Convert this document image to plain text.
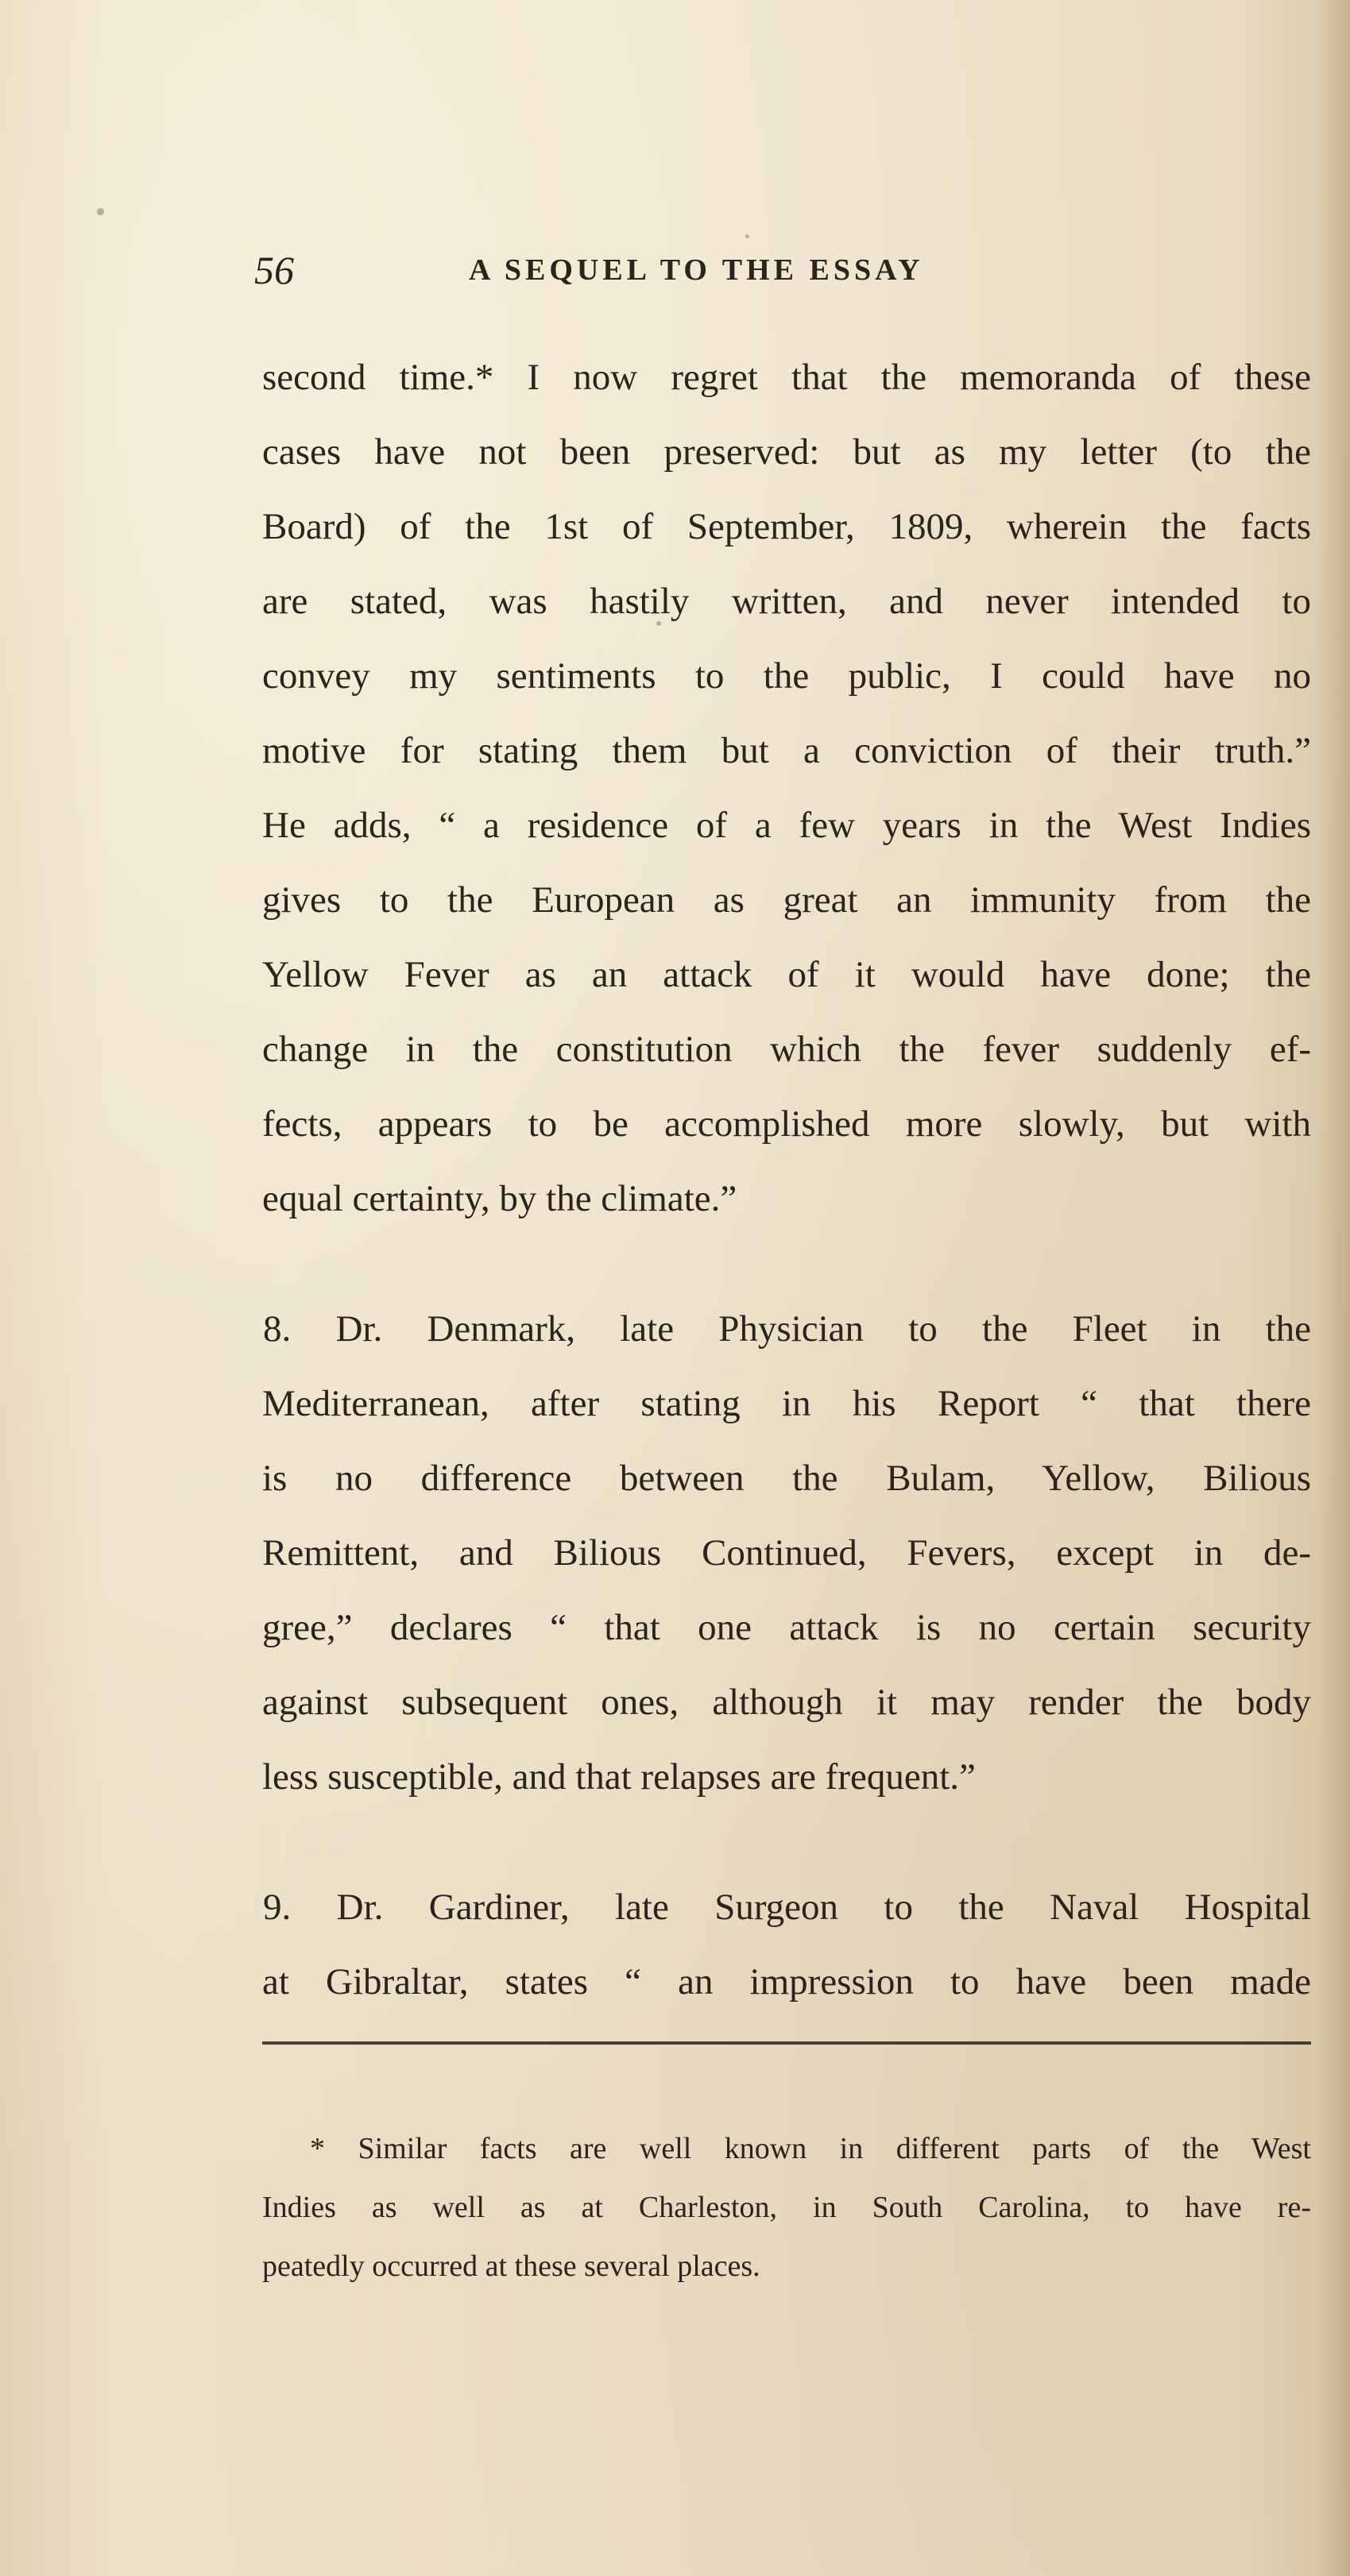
56	A SEQUEL TO THE ESSAY
second time.* I now regret that the memoranda of these
cases have not been preserved: but as my letter (to the
Board) of the 1st of September, 1809, wherein the facts
are stated, was hastily written, and never intended to
convey my sentiments to the public, I could have no
motive for stating them but a conviction of their truth.”
He adds, “ a residence of a few years in the West Indies
gives to the European as great an immunity from the
Yellow Fever as an attack of it would have done; the
change in the constitution which the fever suddenly ef-
fects, appears to be accomplished more slowly, but with
equal certainty, by the climate.”
8. Dr. Denmark, late Physician to the Fleet in the
Mediterranean, after stating in his Report “ that there
is no difference between the Bulam, Yellow, Bilious
Remittent, and Bilious Continued, Fevers, except in de-
gree,” declares “ that one attack is no certain security
against subsequent ones, although it may render the body
less susceptible, and that relapses are frequent.”
9. Dr. Gardiner, late Surgeon to the Naval Hospital
at Gibraltar, states “ an impression to have been made
* Similar facts are well known in different parts of the West
Indies as well as at Charleston, in South Carolina, to have re-
peatedly occurred at these several places.
